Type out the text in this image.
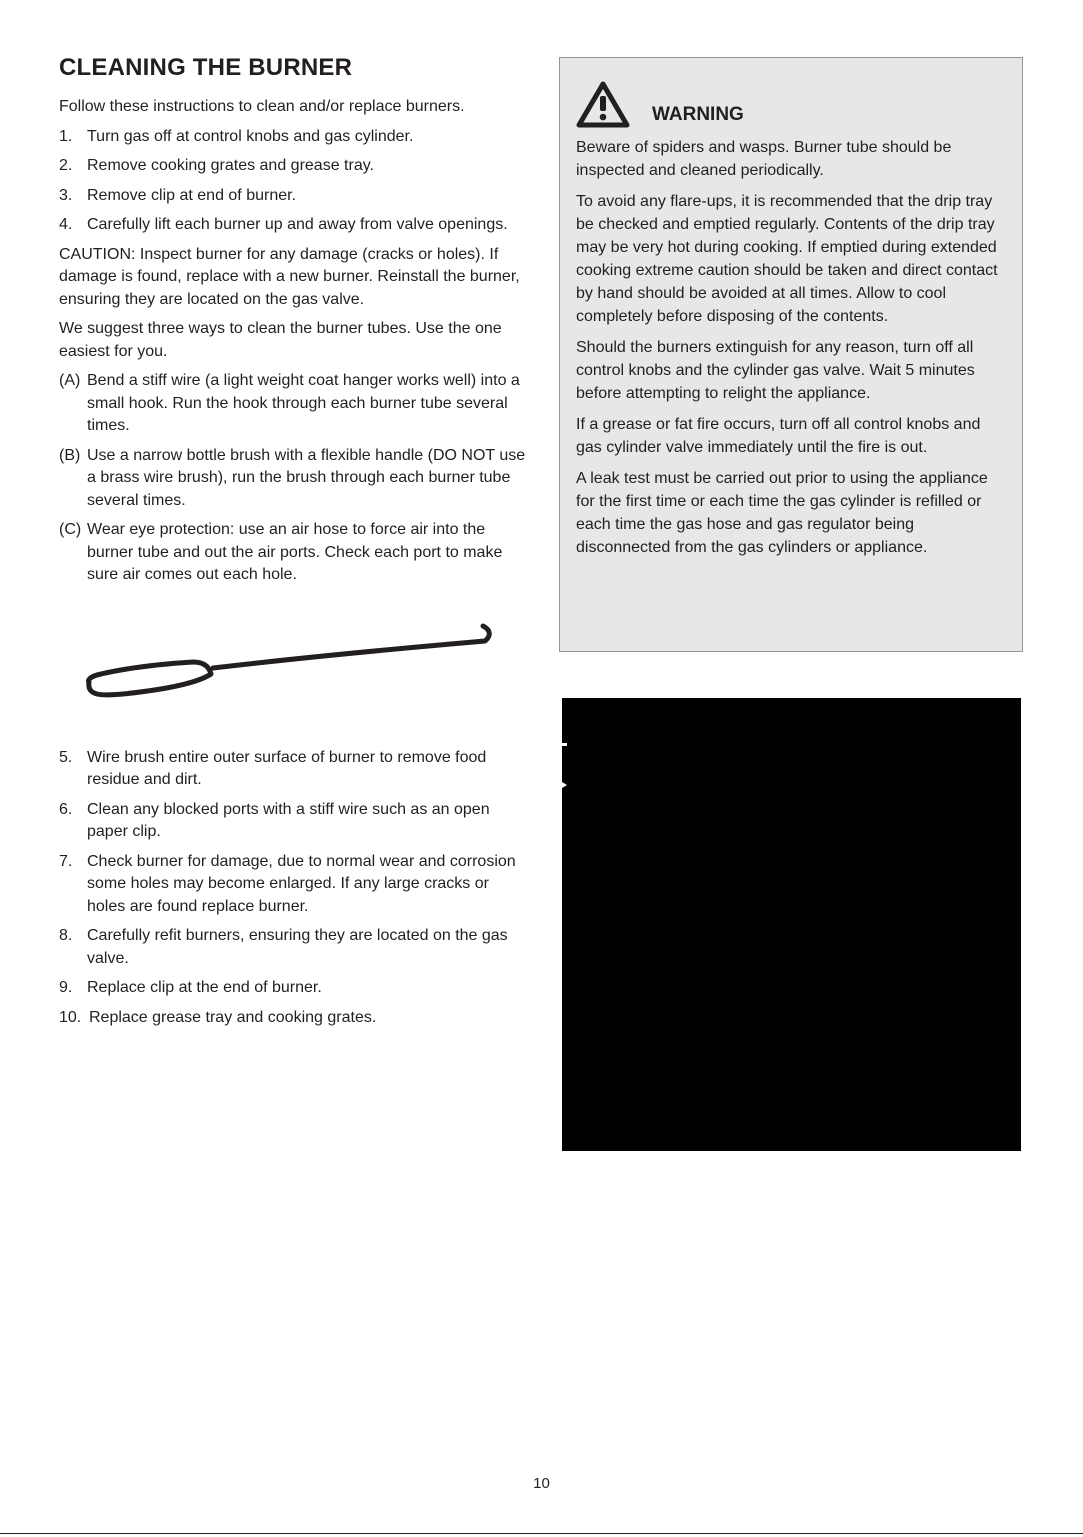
CLEANING THE BURNER

Follow these instructions to clean and/or replace burners.

1. Turn gas off at control knobs and gas cylinder.
2. Remove cooking grates and grease tray.
3. Remove clip at end of burner.
4. Carefully lift each burner up and away from valve openings.

CAUTION: Inspect burner for any damage (cracks or holes). If damage is found, replace with a new burner. Reinstall the burner, ensuring they are located on the gas valve.

We suggest three ways to clean the burner tubes. Use the one easiest for you.

(A) Bend a stiff wire (a light weight coat hanger works well) into a small hook. Run the hook through each burner tube several times.
(B) Use a narrow bottle brush with a flexible handle (DO NOT use a brass wire brush), run the brush through each burner tube several times.
(C) Wear eye protection: use an air hose to force air into the burner tube and out the air ports. Check each port to make sure air comes out each hole.
5. Wire brush entire outer surface of burner to remove food residue and dirt.
6. Clean any blocked ports with a stiff wire such as an open paper clip.
7. Check burner for damage, due to normal wear and corrosion some holes may become enlarged. If any large cracks or holes are found replace burner.
8. Carefully refit burners, ensuring they are located on the gas valve.
9. Replace clip at the end of burner.
10. Replace grease tray and cooking grates.
WARNING

Beware of spiders and wasps. Burner tube should be inspected and cleaned periodically.

To avoid any flare-ups, it is recommended that the drip tray be checked and emptied regularly. Contents of the drip tray may be very hot during cooking. If emptied during extended cooking extreme caution should be taken and direct contact by hand should be avoided at all times. Allow to cool completely before disposing of the contents.

Should the burners extinguish for any reason, turn off all control knobs and the cylinder gas valve. Wait 5 minutes before attempting to relight the appliance.

If a grease or fat fire occurs, turn off all control knobs and gas cylinder valve immediately until the fire is out.

A leak test must be carried out prior to using the appliance for the first time or each time the gas cylinder is refilled or each time the gas hose and gas regulator being disconnected from the gas cylinders or appliance.

10
